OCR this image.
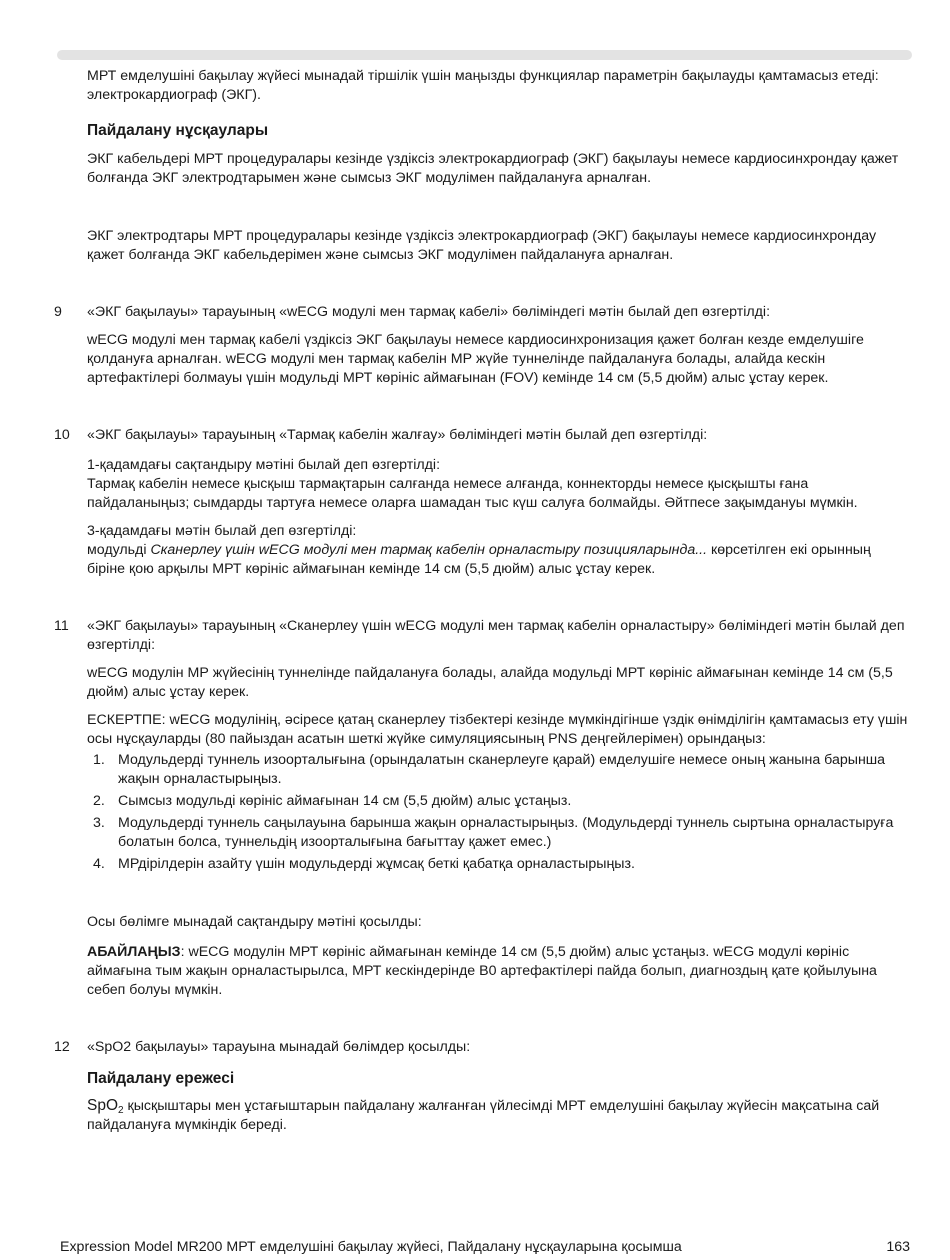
МРТ емделушіні бақылау жүйесі мынадай тіршілік үшін маңызды функциялар параметрін бақылауды қамтамасыз етеді: электрокардиограф (ЭКГ).

Пайдалану нұсқаулары

ЭКГ кабельдері МРТ процедуралары кезінде үздіксіз электрокардиограф (ЭКГ) бақылауы немесе кардиосинхрондау қажет болғанда ЭКГ электродтарымен және сымсыз ЭКГ модулімен пайдалануға арналған.

ЭКГ электродтары МРТ процедуралары кезінде үздіксіз электрокардиограф (ЭКГ) бақылауы немесе кардиосинхрондау қажет болғанда ЭКГ кабельдерімен және сымсыз ЭКГ модулімен пайдалануға арналған.

9	«ЭКГ бақылауы» тарауының «wECG модулі мен тармақ кабелі» бөліміндегі мәтін былай деп өзгертілді:

wECG модулі мен тармақ кабелі үздіксіз ЭКГ бақылауы немесе кардиосинхронизация қажет болған кезде емделушіге қолдануға арналған. wECG модулі мен тармақ кабелін МР жүйе туннелінде пайдалануға болады, алайда кескін артефактілері болмауы үшін модульді МРТ көрініс аймағынан (FOV) кемінде 14 см (5,5 дюйм) алыс ұстау керек.

10	«ЭКГ бақылауы» тарауының «Тармақ кабелін жалғау» бөліміндегі мәтін былай деп өзгертілді:

1-қадамдағы сақтандыру мәтіні былай деп өзгертілді:

Тармақ кабелін немесе қысқыш тармақтарын салғанда немесе алғанда, коннекторды немесе қысқышты ғана пайдаланыңыз; сымдарды тартуға немесе оларға шамадан тыс күш салуға болмайды. Әйтпесе зақымдануы мүмкін.

3-қадамдағы мәтін былай деп өзгертілді:

модульді Сканерлеу үшін wECG модулі мен тармақ кабелін орналастыру позицияларында... көрсетілген екі орынның біріне қою арқылы МРТ көрініс аймағынан кемінде 14 см (5,5 дюйм) алыс ұстау керек.

11	«ЭКГ бақылауы» тарауының «Сканерлеу үшін wECG модулі мен тармақ кабелін орналастыру» бөліміндегі мәтін былай деп өзгертілді:

wECG модулін МР жүйесінің туннелінде пайдалануға болады, алайда модульді МРТ көрініс аймағынан кемінде 14 см (5,5 дюйм) алыс ұстау керек.

ЕСКЕРТПЕ: wECG модулінің, әсіресе қатаң сканерлеу тізбектері кезінде мүмкіндігінше үздік өнімділігін қамтамасыз ету үшін осы нұсқауларды (80 пайыздан асатын шеткі жүйке симуляциясының PNS деңгейлерімен) орындаңыз:

1. Модульдерді туннель изоорталығына (орындалатын сканерлеуге қарай) емделушіге немесе оның жанына барынша жақын орналастырыңыз.
2. Сымсыз модульді көрініс аймағынан 14 см (5,5 дюйм) алыс ұстаңыз.
3. Модульдерді туннель саңылауына барынша жақын орналастырыңыз. (Модульдерді туннель сыртына орналастыруға болатын болса, туннельдің изоорталығына бағыттау қажет емес.)
4. МРдірілдерін азайту үшін модульдерді жұмсақ беткі қабатқа орналастырыңыз.

Осы бөлімге мынадай сақтандыру мәтіні қосылды:

АБАЙЛАҢЫЗ: wECG модулін МРТ көрініс аймағынан кемінде 14 см (5,5 дюйм) алыс ұстаңыз. wECG модулі көрініс аймағына тым жақын орналастырылса, МРТ кескіндерінде B0 артефактілері пайда болып, диагноздың қате қойылуына себеп болуы мүмкін.

12	«SpO2 бақылауы» тарауына мынадай бөлімдер қосылды:

Пайдалану ережесі

SpO$_2$ қысқыштары мен ұстағыштарын пайдалану жалғанған үйлесімді МРТ емделушіні бақылау жүйесін мақсатына сай пайдалануға мүмкіндік береді.

Expression Model MR200 МРТ емделушіні бақылау жүйесі, Пайдалану нұсқауларына қосымша	163
